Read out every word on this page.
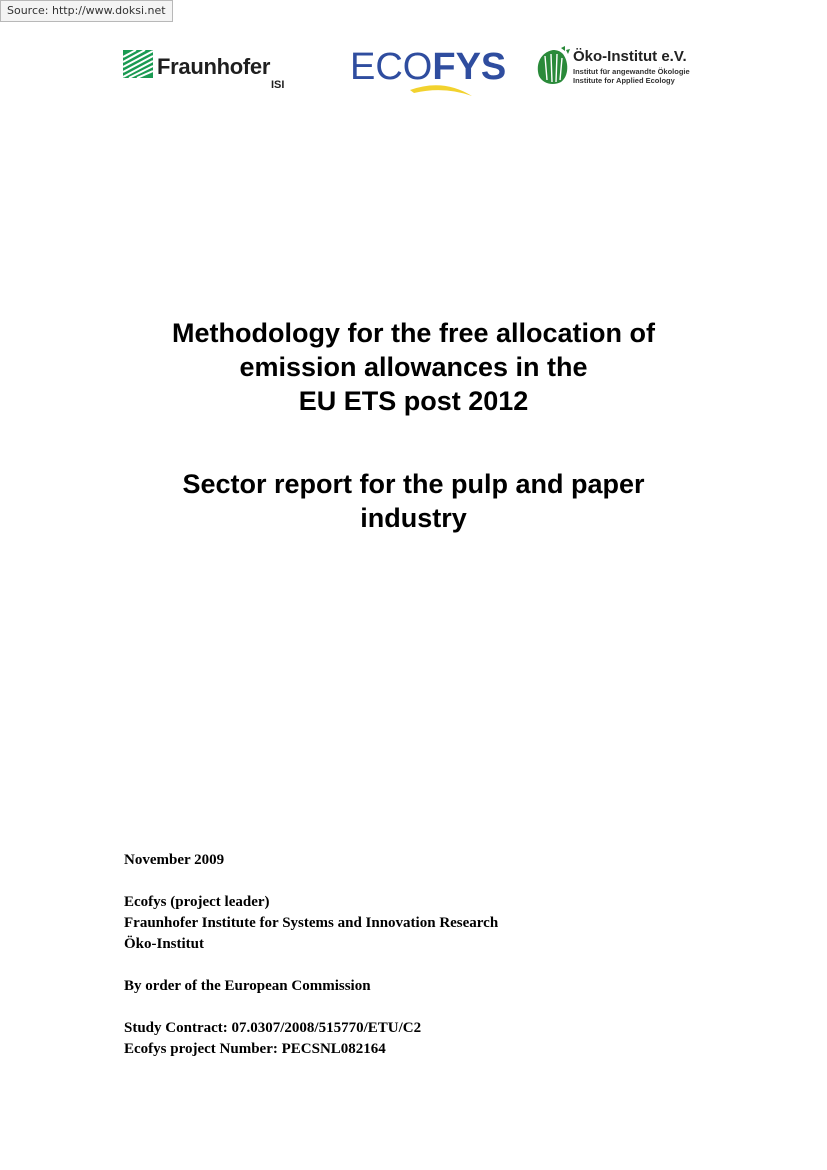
Source: http://www.doksi.net
Fraunhofer
ISI ECOFYS	Öko-Institut e.V.
Institut für angewandte Ökologie
Institute for Applied Ecology
Methodology for the free allocation of
emission allowances in the
EU ETS post 2012
Sector report for the pulp and paper
industry
November 2009
Ecofys (project leader)
Fraunhofer Institute for Systems and Innovation Research
Öko-Institut
By order of the European Commission
Study Contract: 07.0307/2008/515770/ETU/C2
Ecofys project Number: PECSNL082164
